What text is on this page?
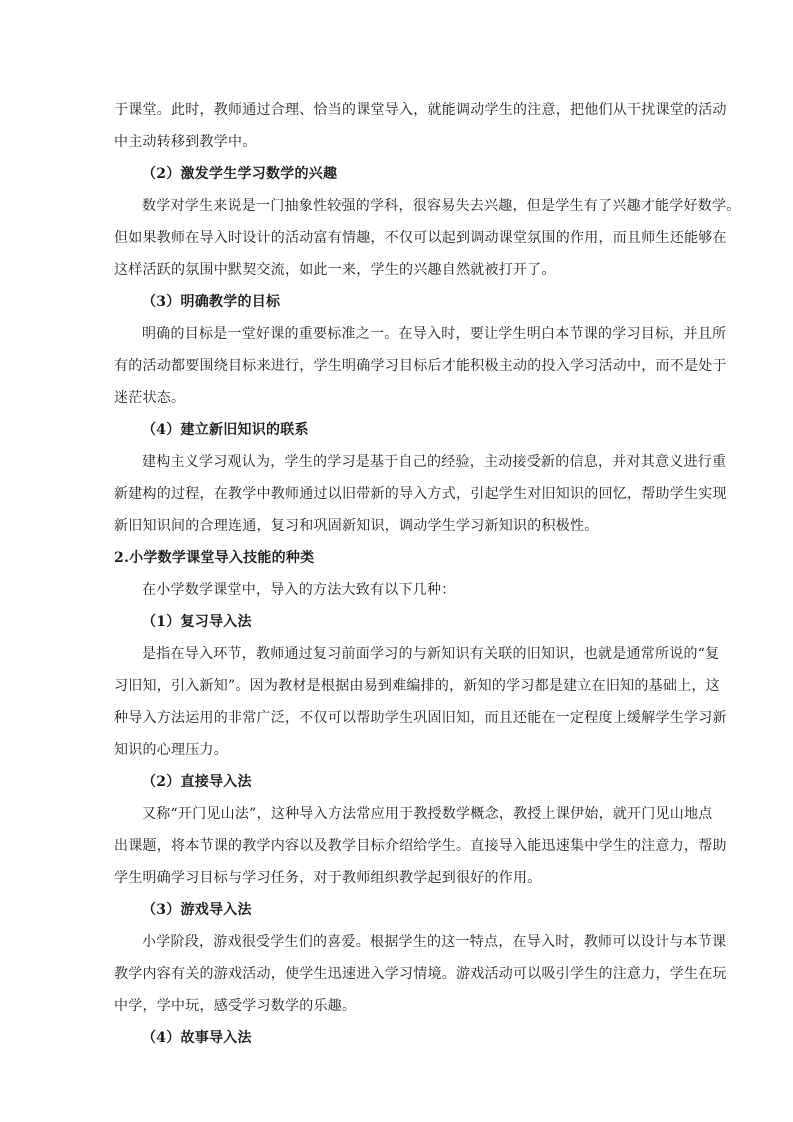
于课堂。此时，教师通过合理、恰当的课堂导入，就能调动学生的注意，把他们从干扰课堂的活动
中主动转移到教学中。
（2）激发学生学习数学的兴趣
数学对学生来说是一门抽象性较强的学科，很容易失去兴趣，但是学生有了兴趣才能学好数学。
但如果教师在导入时设计的活动富有情趣，不仅可以起到调动课堂氛围的作用，而且师生还能够在
这样活跃的氛围中默契交流，如此一来，学生的兴趣自然就被打开了。
（3）明确教学的目标
明确的目标是一堂好课的重要标准之一。在导入时，要让学生明白本节课的学习目标，并且所
有的活动都要围绕目标来进行，学生明确学习目标后才能积极主动的投入学习活动中，而不是处于
迷茫状态。
（4）建立新旧知识的联系
建构主义学习观认为，学生的学习是基于自己的经验，主动接受新的信息，并对其意义进行重
新建构的过程，在教学中教师通过以旧带新的导入方式，引起学生对旧知识的回忆，帮助学生实现
新旧知识间的合理连通，复习和巩固新知识，调动学生学习新知识的积极性。
2.小学数学课堂导入技能的种类
在小学数学课堂中，导入的方法大致有以下几种：
（1）复习导入法
是指在导入环节，教师通过复习前面学习的与新知识有关联的旧知识，也就是通常所说的“复
习旧知，引入新知”。因为教材是根据由易到难编排的，新知的学习都是建立在旧知的基础上，这
种导入方法运用的非常广泛，不仅可以帮助学生巩固旧知，而且还能在一定程度上缓解学生学习新
知识的心理压力。
（2）直接导入法
又称“开门见山法”，这种导入方法常应用于教授数学概念，教授上课伊始，就开门见山地点
出课题，将本节课的教学内容以及教学目标介绍给学生。直接导入能迅速集中学生的注意力，帮助
学生明确学习目标与学习任务，对于教师组织教学起到很好的作用。
（3）游戏导入法
小学阶段，游戏很受学生们的喜爱。根据学生的这一特点，在导入时，教师可以设计与本节课
教学内容有关的游戏活动，使学生迅速进入学习情境。游戏活动可以吸引学生的注意力，学生在玩
中学，学中玩，感受学习数学的乐趣。
（4）故事导入法
